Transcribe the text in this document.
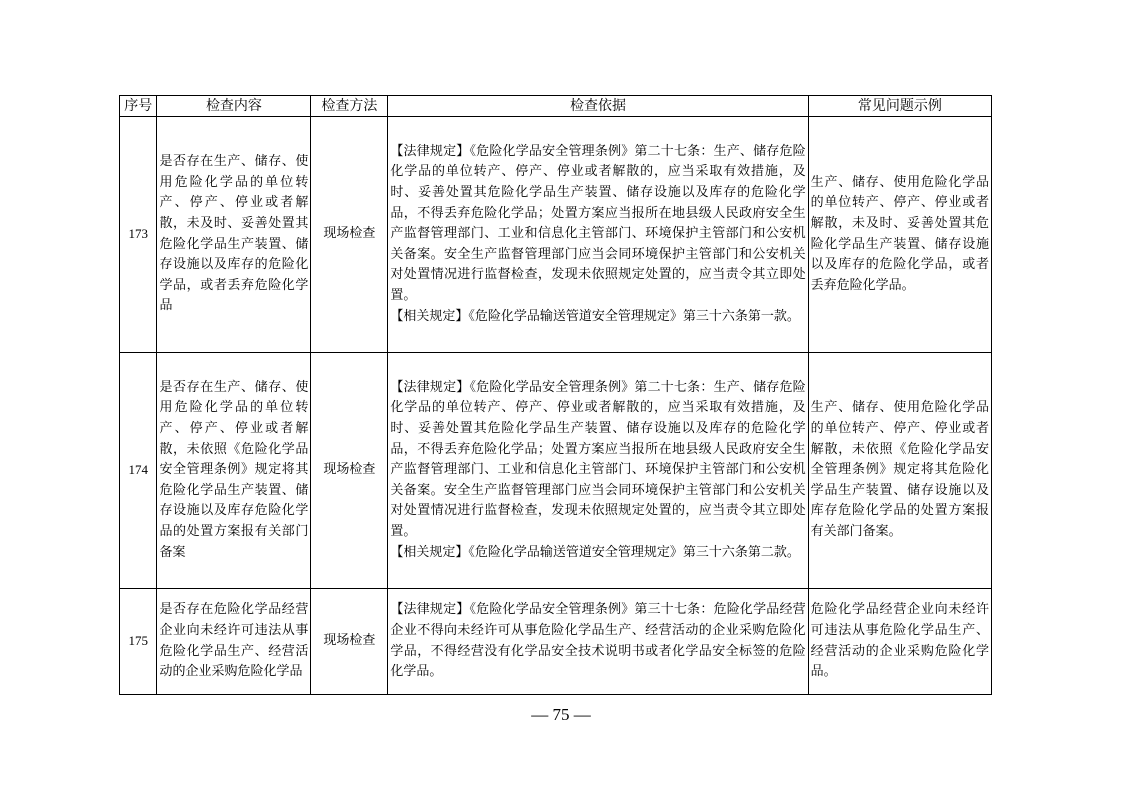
序号	检查内容	检查方法	检查依据	常见问题示例
173	是否存在生产、储存、使用危险化学品的单位转产、停产、停业或者解散，未及时、妥善处置其危险化学品生产装置、储存设施以及库存的危险化学品，或者丢弃危险化学品	现场检查	【法律规定】《危险化学品安全管理条例》第二十七条：生产、储存危险化学品的单位转产、停产、停业或者解散的，应当采取有效措施，及时、妥善处置其危险化学品生产装置、储存设施以及库存的危险化学品，不得丢弃危险化学品；处置方案应当报所在地县级人民政府安全生产监督管理部门、工业和信息化主管部门、环境保护主管部门和公安机关备案。安全生产监督管理部门应当会同环境保护主管部门和公安机关对处置情况进行监督检查，发现未依照规定处置的，应当责令其立即处置。
【相关规定】《危险化学品输送管道安全管理规定》第三十六条第一款。	生产、储存、使用危险化学品的单位转产、停产、停业或者解散，未及时、妥善处置其危险化学品生产装置、储存设施以及库存的危险化学品，或者丢弃危险化学品。
174	是否存在生产、储存、使用危险化学品的单位转产、停产、停业或者解散，未依照《危险化学品安全管理条例》规定将其危险化学品生产装置、储存设施以及库存危险化学品的处置方案报有关部门备案	现场检查	【法律规定】《危险化学品安全管理条例》第二十七条：生产、储存危险化学品的单位转产、停产、停业或者解散的，应当采取有效措施，及时、妥善处置其危险化学品生产装置、储存设施以及库存的危险化学品，不得丢弃危险化学品；处置方案应当报所在地县级人民政府安全生产监督管理部门、工业和信息化主管部门、环境保护主管部门和公安机关备案。安全生产监督管理部门应当会同环境保护主管部门和公安机关对处置情况进行监督检查，发现未依照规定处置的，应当责令其立即处置。
【相关规定】《危险化学品输送管道安全管理规定》第三十六条第二款。	生产、储存、使用危险化学品的单位转产、停产、停业或者解散，未依照《危险化学品安全管理条例》规定将其危险化学品生产装置、储存设施以及库存危险化学品的处置方案报有关部门备案。
175	是否存在危险化学品经营企业向未经许可违法从事危险化学品生产、经营活动的企业采购危险化学品	现场检查	【法律规定】《危险化学品安全管理条例》第三十七条：危险化学品经营企业不得向未经许可从事危险化学品生产、经营活动的企业采购危险化学品，不得经营没有化学品安全技术说明书或者化学品安全标签的危险化学品。	危险化学品经营企业向未经许可违法从事危险化学品生产、经营活动的企业采购危险化学品。
— 75 —
